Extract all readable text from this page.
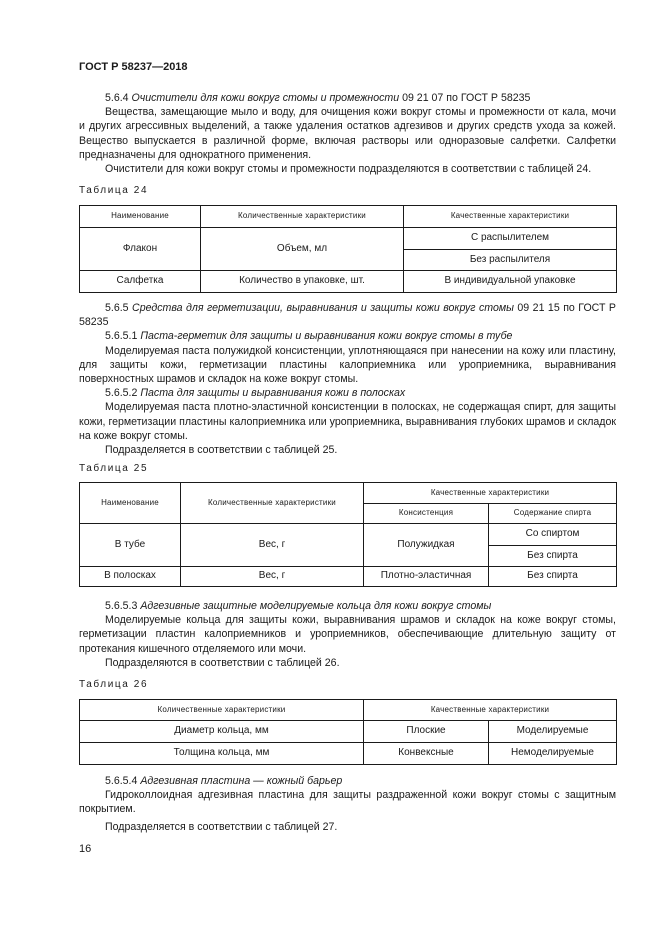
ГОСТ Р 58237—2018

5.6.4 Очистители для кожи вокруг стомы и промежности 09 21 07 по ГОСТ Р 58235

Вещества, замещающие мыло и воду, для очищения кожи вокруг стомы и промежности от кала, мочи и других агрессивных выделений, а также удаления остатков адгезивов и других средств ухода за кожей. Вещество выпускается в различной форме, включая растворы или одноразовые салфетки. Салфетки предназначены для однократного применения.

Очистители для кожи вокруг стомы и промежности подразделяются в соответствии с таблицей 24.

Таблица 24
Наименование	Количественные характеристики	Качественные характеристики
Флакон	Объем, мл	С распылителем
		Без распылителя
Салфетка	Количество в упаковке, шт.	В индивидуальной упаковке

5.6.5 Средства для герметизации, выравнивания и защиты кожи вокруг стомы 09 21 15 по ГОСТ Р 58235

5.6.5.1 Паста-герметик для защиты и выравнивания кожи вокруг стомы в тубе

Моделируемая паста полужидкой консистенции, уплотняющаяся при нанесении на кожу или пластину, для защиты кожи, герметизации пластины калоприемника или уроприемника, выравнивания поверхностных шрамов и складок на коже вокруг стомы.

5.6.5.2 Паста для защиты и выравнивания кожи в полосках

Моделируемая паста плотно-эластичной консистенции в полосках, не содержащая спирт, для защиты кожи, герметизации пластины калоприемника или уроприемника, выравнивания глубоких шрамов и складок на коже вокруг стомы.

Подразделяется в соответствии с таблицей 25.

Таблица 25
Наименование	Количественные характеристики	Качественные характеристики	
		Консистенция	Содержание спирта
В тубе	Вес, г	Полужидкая	Со спиртом
			Без спирта
В полосках	Вес, г	Плотно-эластичная	Без спирта

5.6.5.3 Адгезивные защитные моделируемые кольца для кожи вокруг стомы

Моделируемые кольца для защиты кожи, выравнивания шрамов и складок на коже вокруг стомы, герметизации пластин калоприемников и уроприемников, обеспечивающие длительную защиту от протекания кишечного отделяемого или мочи.

Подразделяются в соответствии с таблицей 26.

Таблица 26
Количественные характеристики	Качественные характеристики	
Диаметр кольца, мм	Плоские	Моделируемые
Толщина кольца, мм	Конвексные	Немоделируемые

5.6.5.4 Адгезивная пластина — кожный барьер

Гидроколлоидная адгезивная пластина для защиты раздраженной кожи вокруг стомы с защитным покрытием.

Подразделяется в соответствии с таблицей 27.

16
